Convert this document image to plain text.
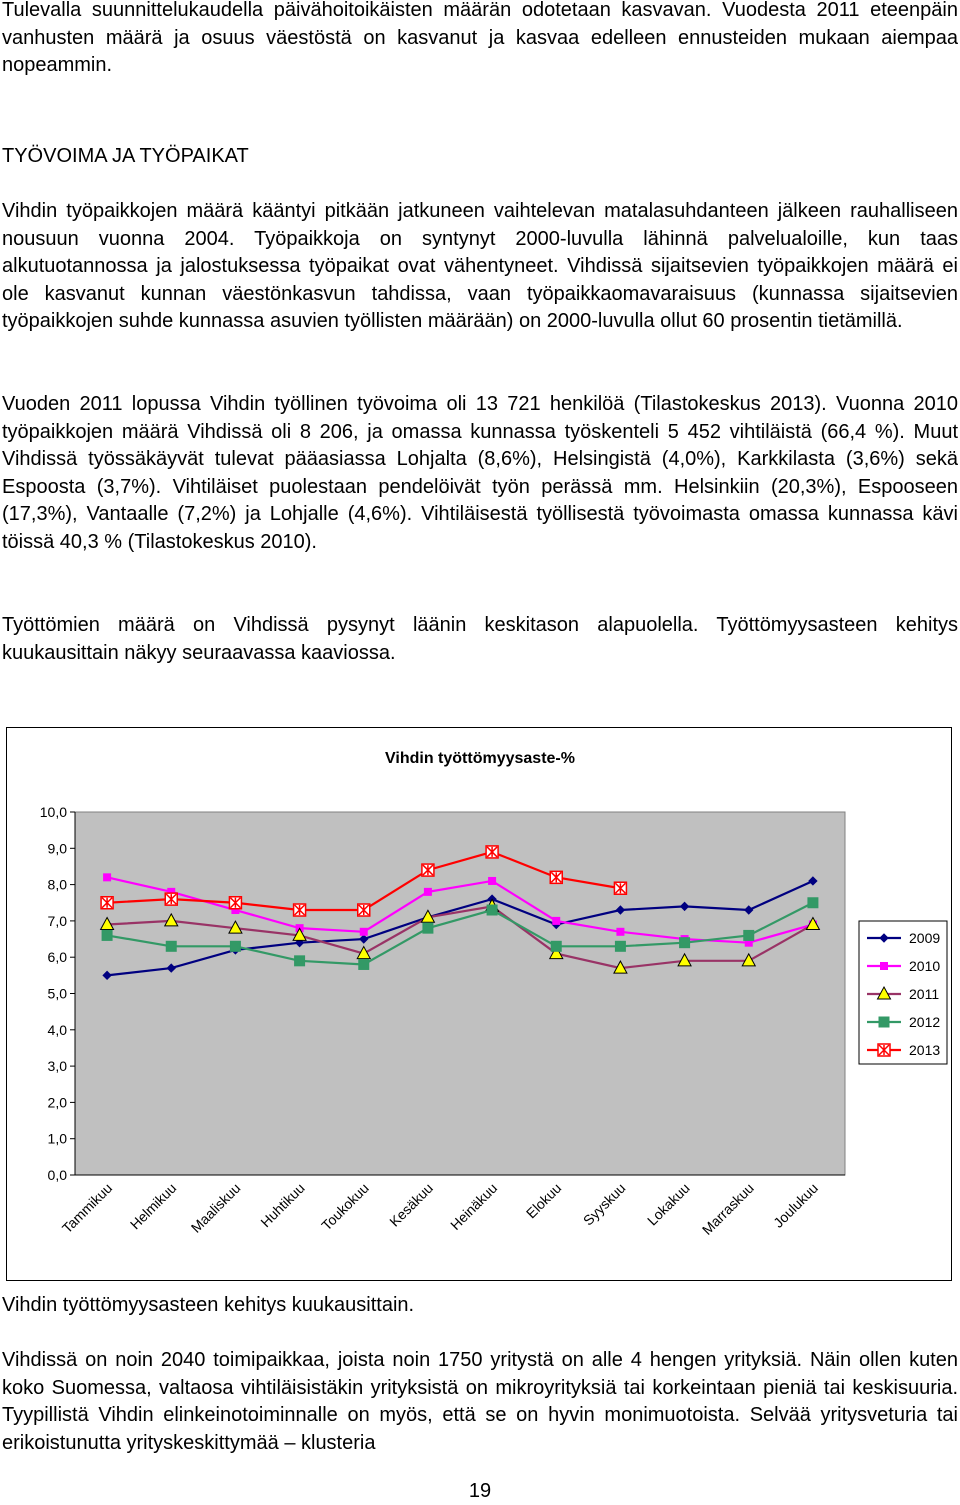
Tulevalla suunnittelukaudella päivähoitoikäisten määrän odotetaan kasvavan. Vuodesta 2011 eteenpäin vanhusten määrä ja osuus väestöstä on kasvanut ja kasvaa edelleen ennusteiden mukaan aiempaa nopeammin.

TYÖVOIMA JA TYÖPAIKAT

Vihdin työpaikkojen määrä kääntyi pitkään jatkuneen vaihtelevan matalasuhdanteen jälkeen rauhalliseen nousuun vuonna 2004. Työpaikkoja on syntynyt 2000-luvulla lähinnä palvelualoille, kun taas alkutuotannossa ja jalostuksessa työpaikat ovat vähentyneet. Vihdissä sijaitsevien työpaikkojen määrä ei ole kasvanut kunnan väestönkasvun tahdissa, vaan työpaikkaomavaraisuus (kunnassa sijaitsevien työpaikkojen suhde kunnassa asuvien työllisten määrään) on 2000-luvulla ollut 60 prosentin tietämillä.

Vuoden 2011 lopussa Vihdin työllinen työvoima oli 13 721 henkilöä (Tilastokeskus 2013). Vuonna 2010 työpaikkojen määrä Vihdissä oli 8 206, ja omassa kunnassa työskenteli 5 452 vihtiläistä (66,4 %). Muut Vihdissä työssäkäyvät tulevat pääasiassa Lohjalta (8,6%), Helsingistä (4,0%), Karkkilasta (3,6%) sekä Espoosta (3,7%). Vihtiläiset puolestaan pendelöivät työn perässä mm. Helsinkiin (20,3%), Espooseen (17,3%), Vantaalle (7,2%) ja Lohjalle (4,6%). Vihtiläisestä työllisestä työvoimasta omassa kunnassa kävi töissä 40,3 % (Tilastokeskus 2010).

Työttömien määrä on Vihdissä pysynyt läänin keskitason alapuolella. Työttömyysasteen kehitys kuukausittain näkyy seuraavassa kaaviossa.

Vihdin työttömyysaste-%
0,0
1,0
2,0
3,0
4,0
5,0
6,0
7,0
8,0
9,0
10,0
Tammikuu Helmikuu Maaliskuu Huhtikuu Toukokuu Kesäkuu Heinäkuu Elokuu Syyskuu Lokakuu Marraskuu Joulukuu
2009
2010
2011
2012
2013

Vihdin työttömyysasteen kehitys kuukausittain.

Vihdissä on noin 2040 toimipaikkaa, joista noin 1750 yritystä on alle 4 hengen yrityksiä. Näin ollen kuten koko Suomessa, valtaosa vihtiläisistäkin yrityksistä on mikroyrityksiä tai korkeintaan pieniä tai keskisuuria. Tyypillistä Vihdin elinkeinotoiminnalle on myös, että se on hyvin monimuotoista. Selvää yritysveturia tai erikoistunutta yrityskeskittymää – klusteria

19
